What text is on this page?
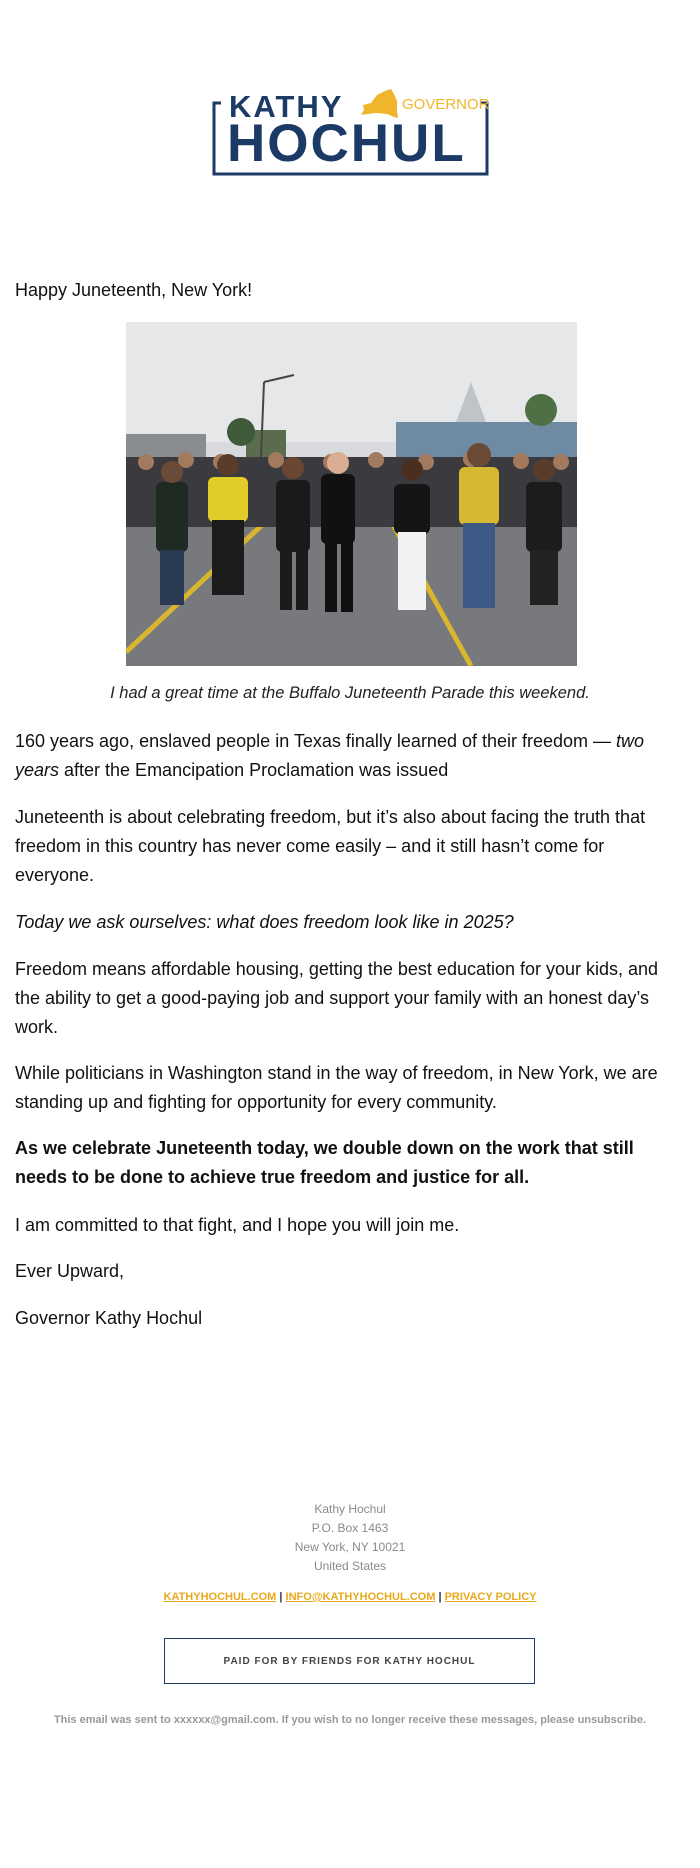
KATHY	GOVERNOR
HOCHUL
Happy Juneteenth, New York!
I had a great time at the Buffalo Juneteenth Parade this weekend.
160 years ago, enslaved people in Texas finally learned of their freedom — two years after the Emancipation Proclamation was issued
Juneteenth is about celebrating freedom, but it’s also about facing the truth that freedom in this country has never come easily – and it still hasn’t come for everyone.
Today we ask ourselves: what does freedom look like in 2025?
Freedom means affordable housing, getting the best education for your kids, and the ability to get a good-paying job and support your family with an honest day’s work.
While politicians in Washington stand in the way of freedom, in New York, we are standing up and fighting for opportunity for every community.
As we celebrate Juneteenth today, we double down on the work that still needs to be done to achieve true freedom and justice for all.
I am committed to that fight, and I hope you will join me.
Ever Upward,
Governor Kathy Hochul
Kathy Hochul
P.O. Box 1463
New York, NY 10021
United States
KATHYHOCHUL.COM | INFO@KATHYHOCHUL.COM | PRIVACY POLICY
PAID FOR BY FRIENDS FOR KATHY HOCHUL
This email was sent to xxxxxx@gmail.com. If you wish to no longer receive these messages, please unsubscribe.
